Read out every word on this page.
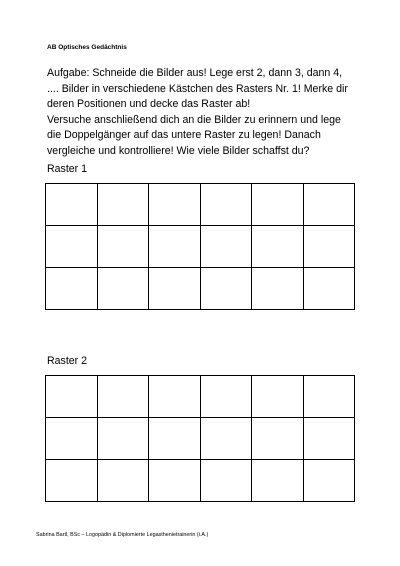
AB Optisches Gedächtnis
Aufgabe: Schneide die Bilder aus! Lege erst 2, dann 3, dann 4,
.... Bilder in verschiedene Kästchen des Rasters Nr. 1! Merke dir
deren Positionen und decke das Raster ab!
Versuche anschließend dich an die Bilder zu erinnern und lege
die Doppelgänger auf das untere Raster zu legen! Danach
vergleiche und kontrolliere! Wie viele Bilder schaffst du?
Raster 1

Raster 2

Sabrina Bartl, BSc – Logopädin & Diplomierte Legasthenietrainerin (i.A.)
